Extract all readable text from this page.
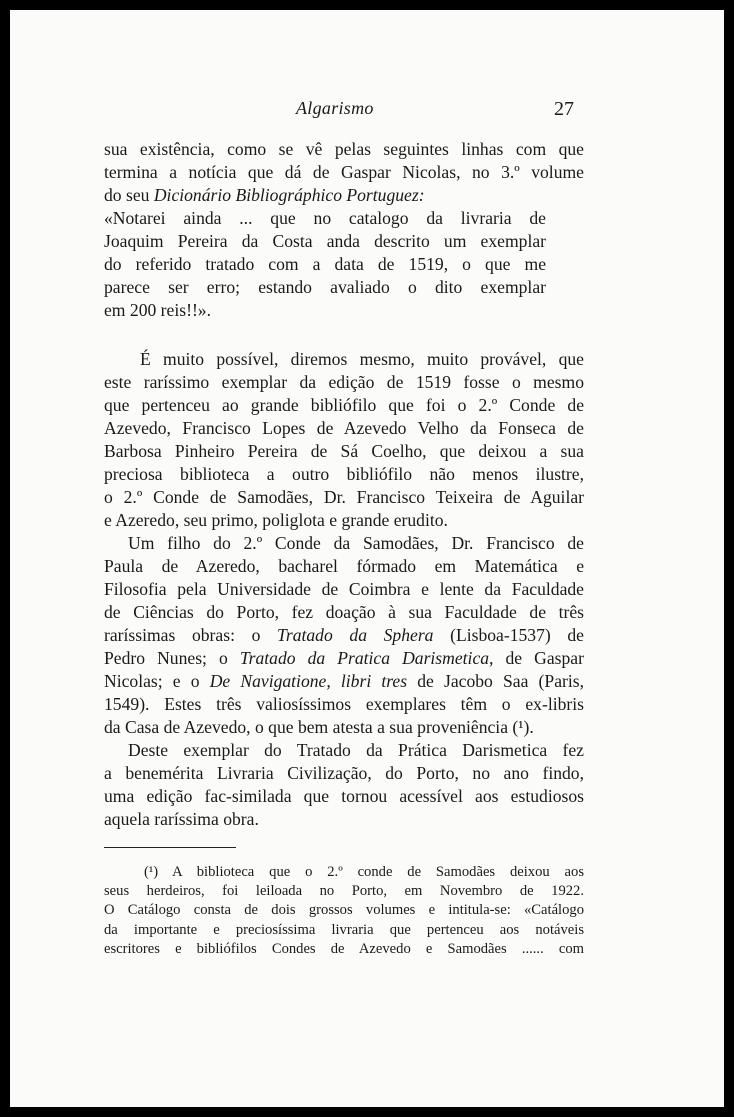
Algarismo	27

sua existência, como se vê pelas seguintes linhas com que
termina a notícia que dá de Gaspar Nicolas, no 3.º volume
do seu Dicionário Bibliográphico Portuguez:

«Notarei ainda ... que no catalogo da livraria de
Joaquim Pereira da Costa anda descrito um exemplar
do referido tratado com a data de 1519, o que me
parece ser erro; estando avaliado o dito exemplar
em 200 reis!!».

É muito possível, diremos mesmo, muito provável, que
este raríssimo exemplar da edição de 1519 fosse o mesmo
que pertenceu ao grande bibliófilo que foi o 2.º Conde de
Azevedo, Francisco Lopes de Azevedo Velho da Fonseca de
Barbosa Pinheiro Pereira de Sá Coelho, que deixou a sua
preciosa biblioteca a outro bibliófilo não menos ilustre,
o 2.º Conde de Samodães, Dr. Francisco Teixeira de Aguilar
e Azeredo, seu primo, poliglota e grande erudito.

Um filho do 2.º Conde da Samodães, Dr. Francisco de
Paula de Azeredo, bacharel fórmado em Matemática e
Filosofia pela Universidade de Coimbra e lente da Faculdade
de Ciências do Porto, fez doação à sua Faculdade de três
raríssimas obras: o Tratado da Sphera (Lisboa-1537) de
Pedro Nunes; o Tratado da Pratica Darismetica, de Gaspar
Nicolas; e o De Navigatione, libri tres de Jacobo Saa (Paris,
1549). Estes três valiosíssimos exemplares têm o ex-libris
da Casa de Azevedo, o que bem atesta a sua proveniência (¹).

Deste exemplar do Tratado da Prática Darismetica fez
a benemérita Livraria Civilização, do Porto, no ano findo,
uma edição fac-similada que tornou acessível aos estudiosos
aquela raríssima obra.

(¹) A biblioteca que o 2.º conde de Samodães deixou aos
seus herdeiros, foi leiloada no Porto, em Novembro de 1922.
O Catálogo consta de dois grossos volumes e intitula-se: «Catálogo
da importante e preciosíssima livraria que pertenceu aos notáveis
escritores e bibliófilos Condes de Azevedo e Samodães ...... com
